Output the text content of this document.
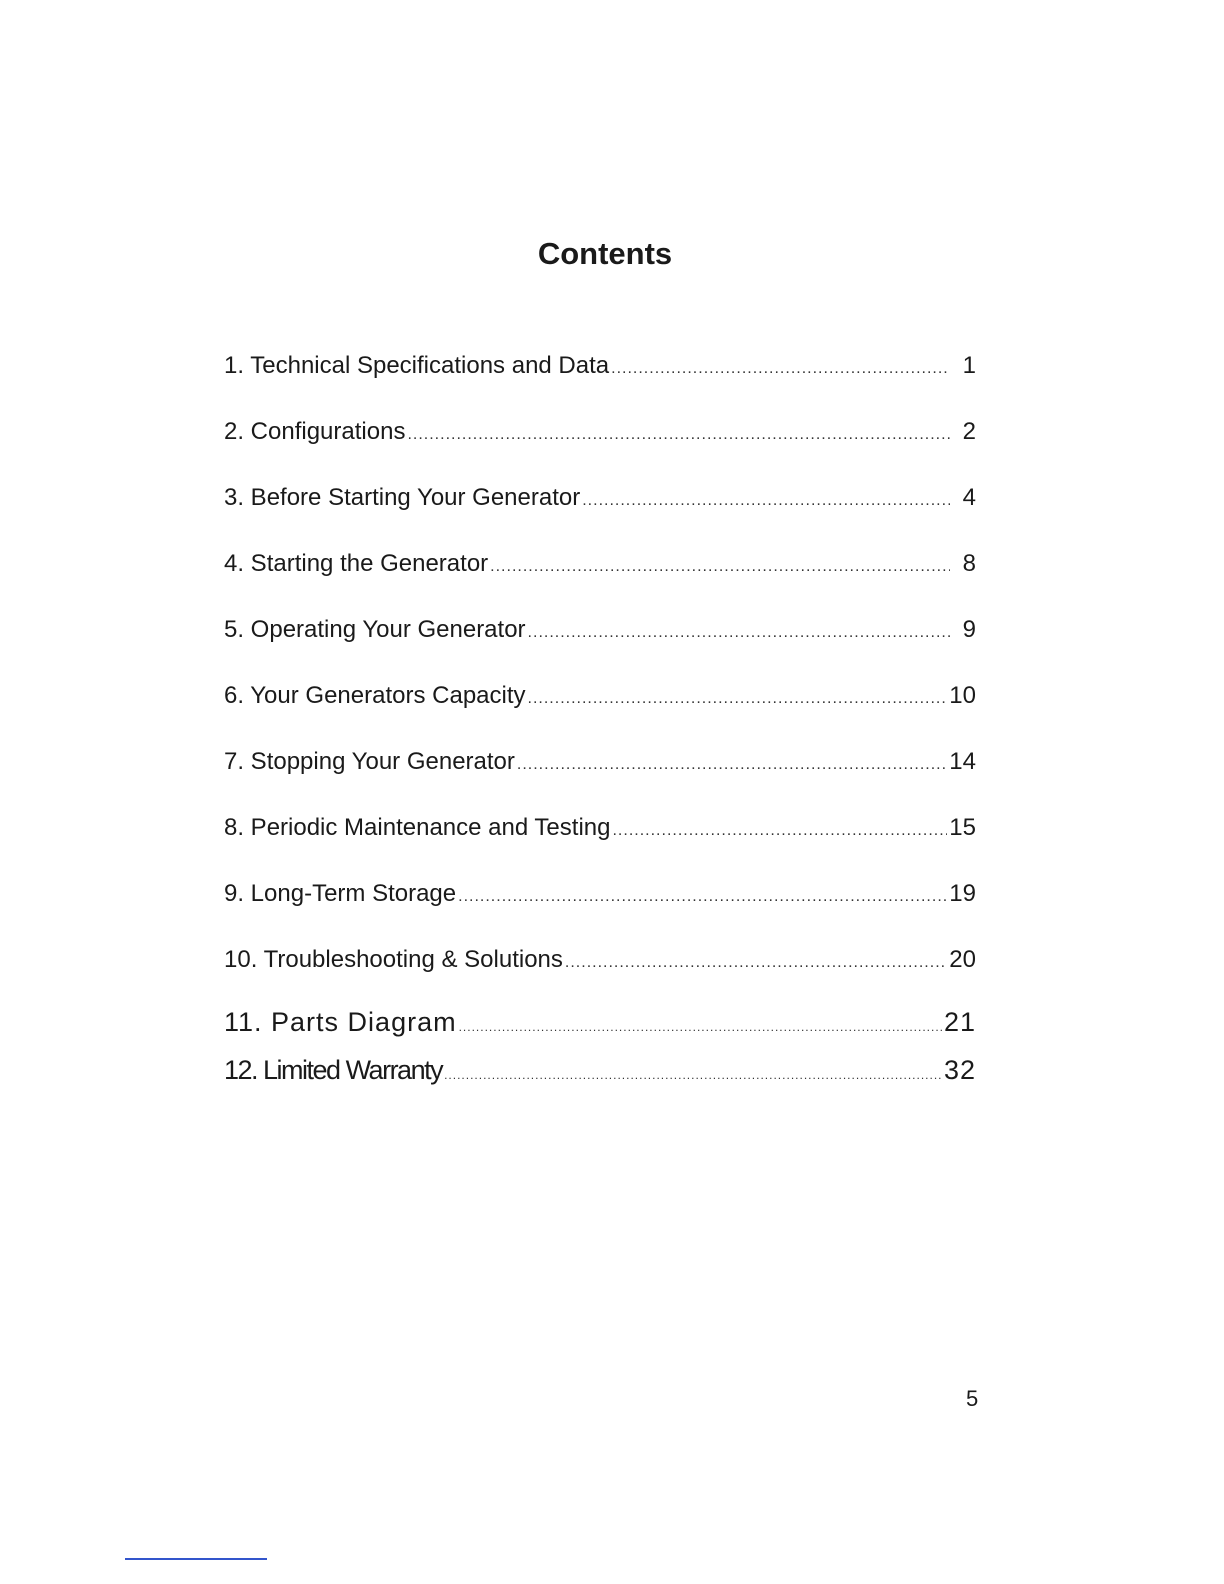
Contents
1. Technical Specifications and Data .....	1
2. Configurations .....	2
3. Before Starting Your Generator .....	4
4. Starting the Generator .....	8
5. Operating Your Generator .....	9
6. Your Generators Capacity .....	10
7. Stopping Your Generator .....	14
8. Periodic Maintenance and Testing .....	15
9. Long-Term Storage .....	19
10. Troubleshooting & Solutions .....	20
11. Parts Diagram .....	21
12. Limited Warranty .....	32
5
